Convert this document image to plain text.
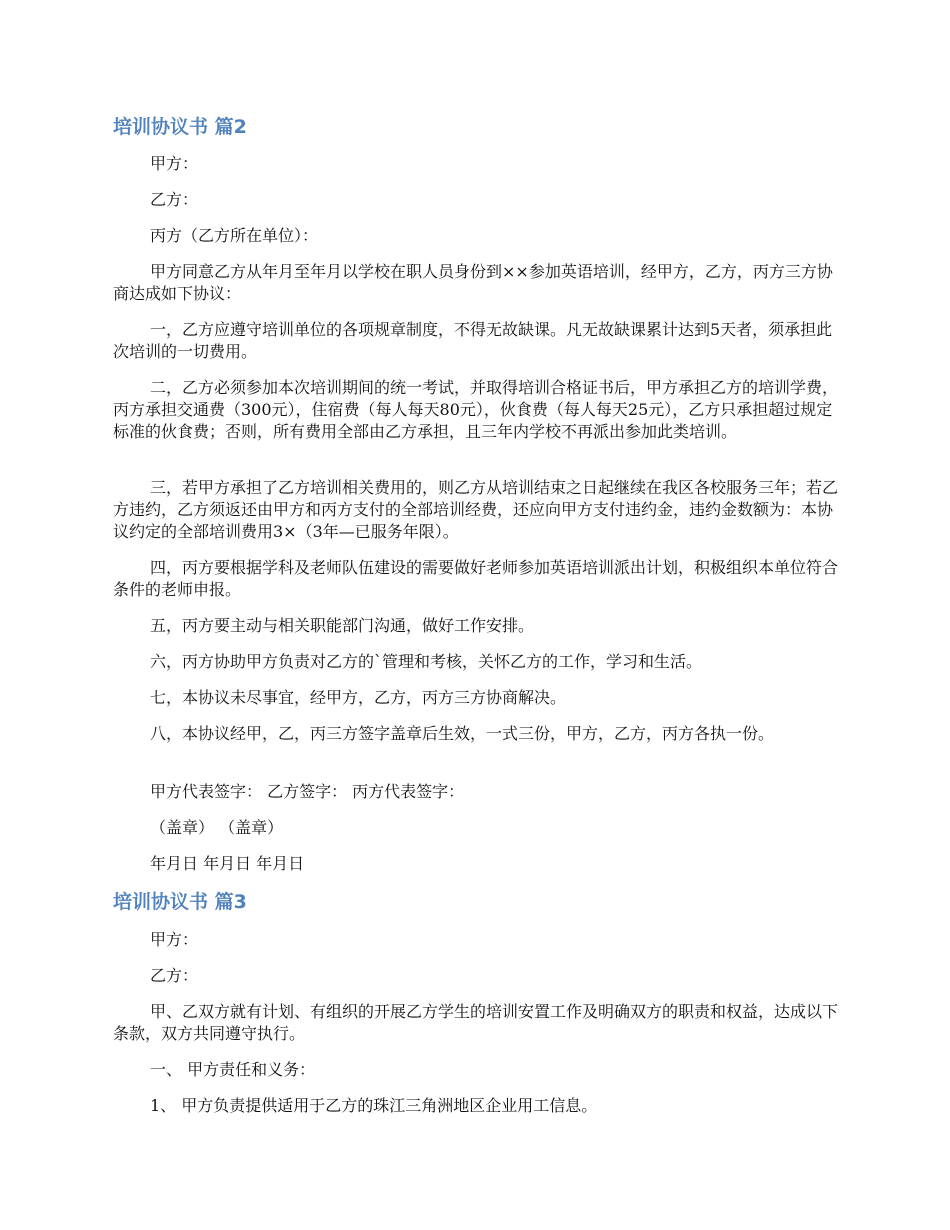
培训协议书 篇2

甲方：

乙方：

丙方（乙方所在单位）：

甲方同意乙方从年月至年月以学校在职人员身份到××参加英语培训，经甲方，乙方，丙方三方协商达成如下协议：

一，乙方应遵守培训单位的各项规章制度，不得无故缺课。凡无故缺课累计达到5天者，须承担此次培训的一切费用。

二，乙方必须参加本次培训期间的统一考试，并取得培训合格证书后，甲方承担乙方的培训学费，丙方承担交通费（300元），住宿费（每人每天80元），伙食费（每人每天25元），乙方只承担超过规定标准的伙食费；否则，所有费用全部由乙方承担，且三年内学校不再派出参加此类培训。

三，若甲方承担了乙方培训相关费用的，则乙方从培训结束之日起继续在我区各校服务三年；若乙方违约，乙方须返还由甲方和丙方支付的全部培训经费，还应向甲方支付违约金，违约金数额为：本协议约定的全部培训费用3×（3年—已服务年限）。

四，丙方要根据学科及老师队伍建设的需要做好老师参加英语培训派出计划，积极组织本单位符合条件的老师申报。

五，丙方要主动与相关职能部门沟通，做好工作安排。

六，丙方协助甲方负责对乙方的`管理和考核，关怀乙方的工作，学习和生活。

七，本协议未尽事宜，经甲方，乙方，丙方三方协商解决。

八，本协议经甲，乙，丙三方签字盖章后生效，一式三份，甲方，乙方，丙方各执一份。

甲方代表签字： 乙方签字： 丙方代表签字：

（盖章） （盖章）

年月日 年月日 年月日

培训协议书 篇3

甲方：

乙方：

甲、乙双方就有计划、有组织的开展乙方学生的培训安置工作及明确双方的职责和权益，达成以下条款，双方共同遵守执行。

一、 甲方责任和义务：

1、 甲方负责提供适用于乙方的珠江三角洲地区企业用工信息。
